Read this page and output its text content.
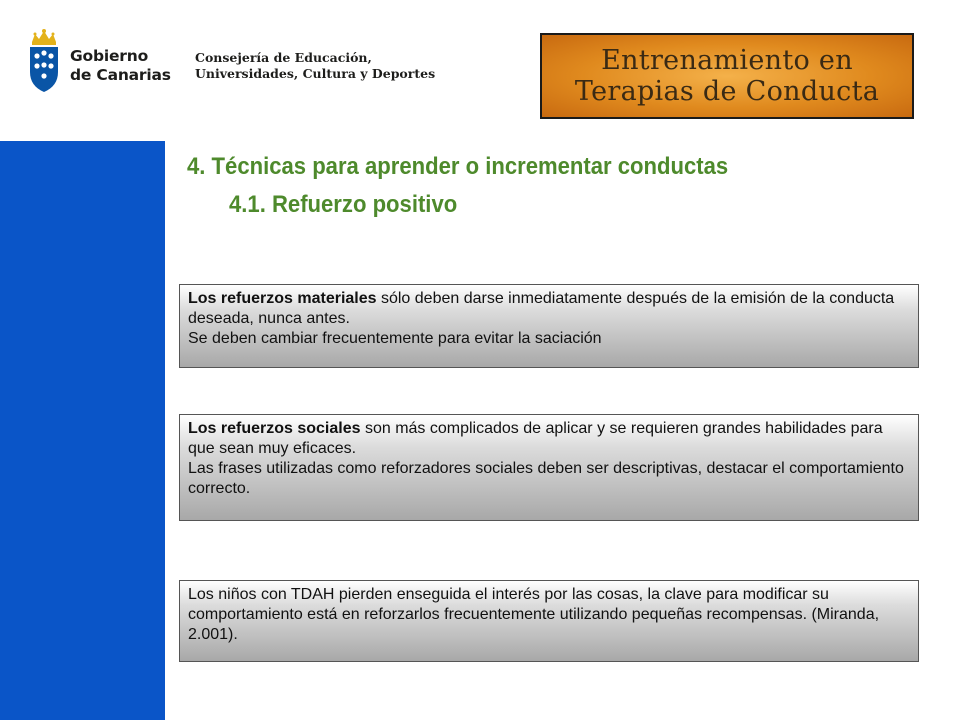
Gobierno
de Canarias
Consejería de Educación,
Universidades, Cultura y Deportes	Entrenamiento en
Terapias de Conducta
4. Técnicas para aprender o incrementar conductas
4.1. Refuerzo positivo

Los refuerzos materiales sólo deben darse inmediatamente después de la emisión de la conducta deseada, nunca antes.

Se deben cambiar frecuentemente para evitar la saciación

Los refuerzos sociales son más complicados de aplicar y se requieren grandes habilidades para que sean muy eficaces.

Las frases utilizadas como reforzadores sociales deben ser descriptivas, destacar el comportamiento correcto.

Los niños con TDAH pierden enseguida el interés por las cosas, la clave para modificar su comportamiento está en reforzarlos frecuentemente utilizando pequeñas recompensas. (Miranda, 2.001).
